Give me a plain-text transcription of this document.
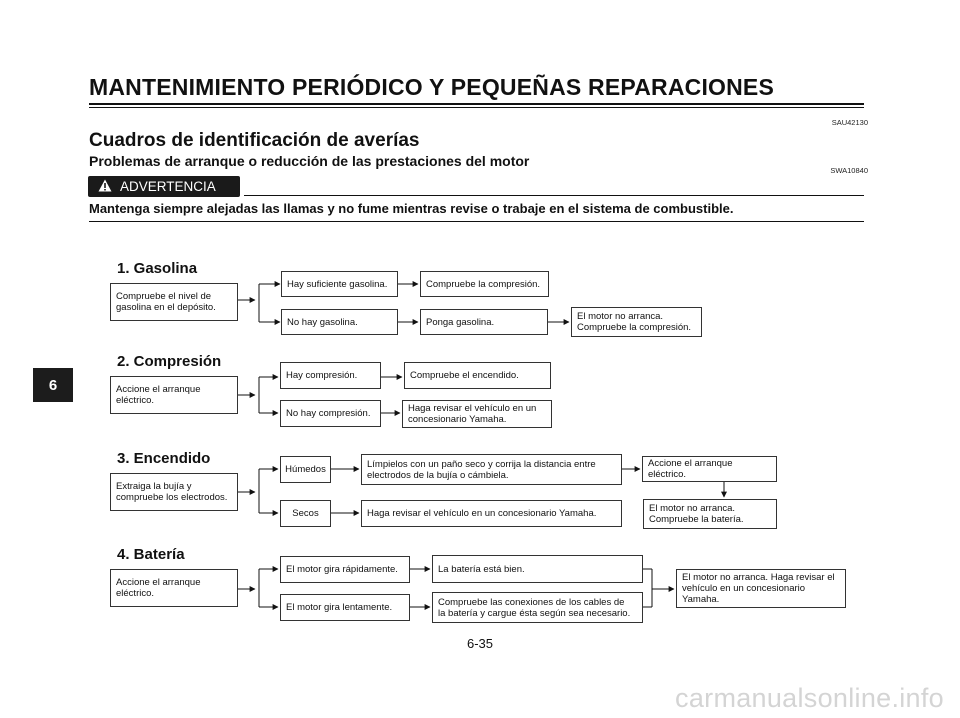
MANTENIMIENTO PERIÓDICO Y PEQUEÑAS REPARACIONES
SAU42130
Cuadros de identificación de averías
Problemas de arranque o reducción de las prestaciones del motor
SWA10840
ADVERTENCIA
Mantenga siempre alejadas las llamas y no fume mientras revise o trabaje en el sistema de combustible.
6
1. Gasolina
Compruebe el nivel de
gasolina en el depósito.
Hay suficiente gasolina.	Compruebe la compresión.
No hay gasolina.	Ponga gasolina.	El motor no arranca.
Compruebe la compresión.
2. Compresión
Accione el arranque
eléctrico.
Hay compresión.	Compruebe el encendido.
No hay compresión.	Haga revisar el vehículo en un
concesionario Yamaha.
3. Encendido
Extraiga la bujía y
compruebe los electrodos.
Húmedos	Límpielos con un paño seco y corrija la distancia entre
electrodos de la bujía o cámbiela.
Accione el arranque eléctrico.
El motor no arranca.
Compruebe la batería.
Secos	Haga revisar el vehículo en un concesionario Yamaha.
4. Batería
Accione el arranque
eléctrico.
El motor gira rápidamente.	La batería está bien.
El motor gira lentamente.	Compruebe las conexiones de los cables de
la batería y cargue ésta según sea necesario.
El motor no arranca. Haga revisar el
vehículo en un concesionario
Yamaha.
6-35
carmanualsonline.info
